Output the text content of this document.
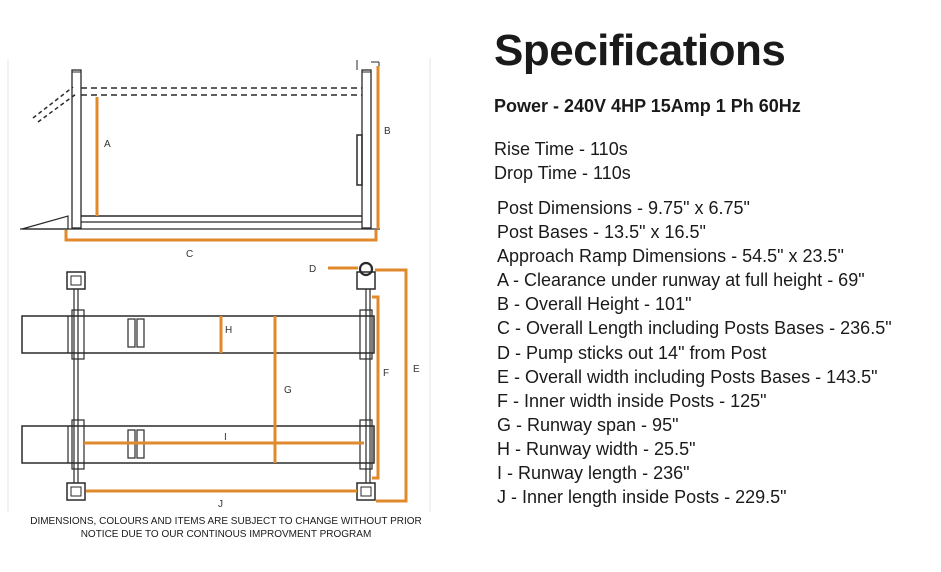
A
B
C
D
E
F
G
H
I
J
Specifications
Power - 240V 4HP 15Amp 1 Ph 60Hz
Rise Time - 110s
Drop Time - 110s
Post Dimensions - 9.75" x 6.75"
Post Bases - 13.5" x 16.5"
Approach Ramp Dimensions - 54.5" x 23.5"
A - Clearance under runway at full height - 69"
B - Overall Height - 101"
C - Overall Length including Posts Bases - 236.5"
D - Pump sticks out 14" from Post
E - Overall width including Posts Bases - 143.5"
F - Inner width inside Posts - 125"
G - Runway span - 95"
H - Runway width - 25.5"
I - Runway length - 236"
J - Inner length inside Posts - 229.5"
DIMENSIONS, COLOURS AND ITEMS ARE SUBJECT TO CHANGE WITHOUT PRIOR
NOTICE DUE TO OUR CONTINOUS IMPROVMENT PROGRAM
